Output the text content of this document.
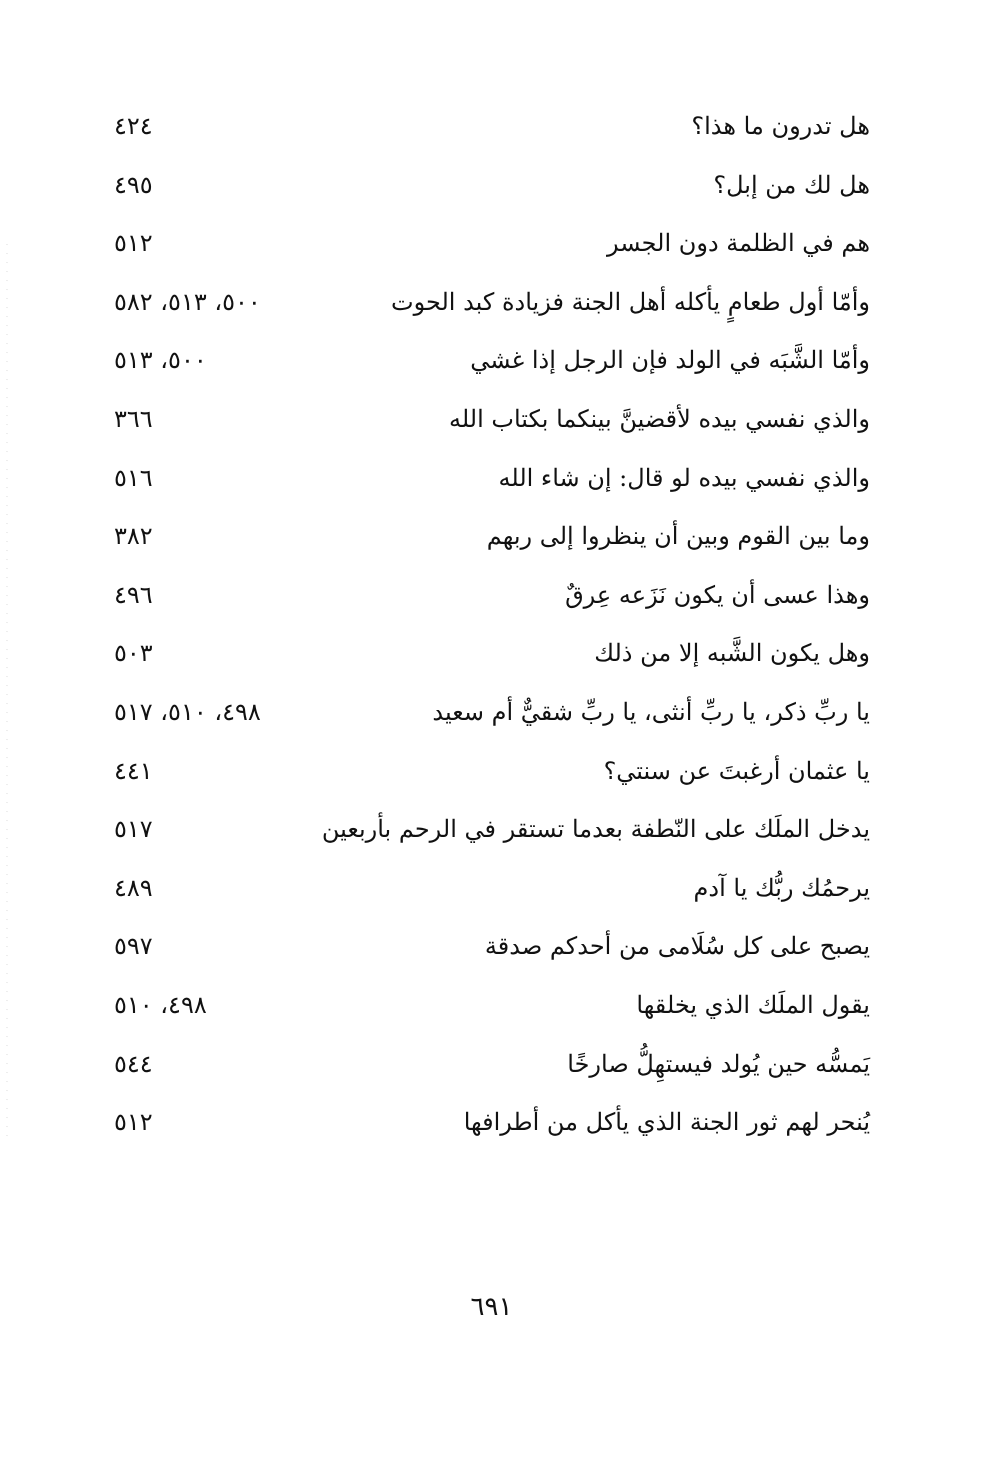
هل تدرون ما هذا؟
٤٢٤
هل لك من إبل؟
٤٩٥
هم في الظلمة دون الجسر
٥١٢
وأمّا أول طعامٍ يأكله أهل الجنة فزيادة كبد الحوت
٥٠٠، ٥١٣، ٥٨٢
وأمّا الشَّبَه في الولد فإن الرجل إذا غشي
٥٠٠، ٥١٣
والذي نفسي بيده لأقضينَّ بينكما بكتاب الله
٣٦٦
والذي نفسي بيده لو قال: إن شاء الله
٥١٦
وما بين القوم وبين أن ينظروا إلى ربهم
٣٨٢
وهذا عسى أن يكون نَزَعه عِرقٌ
٤٩٦
وهل يكون الشَّبه إلا من ذلك
٥٠٣
يا ربِّ ذكر، يا ربِّ أنثى، يا ربِّ شقيٌّ أم سعيد
٤٩٨، ٥١٠، ٥١٧
يا عثمان أرغبتَ عن سنتي؟
٤٤١
يدخل الملَك على النّطفة بعدما تستقر في الرحم بأربعين
٥١٧
يرحمُك ربُّك يا آدم
٤٨٩
يصبح على كل سُلَامى من أحدكم صدقة
٥٩٧
يقول الملَك الذي يخلقها
٤٩٨، ٥١٠
يَمسُّه حين يُولد فيستهِلُّ صارخًا
٥٤٤
يُنحر لهم ثور الجنة الذي يأكل من أطرافها
٥١٢
٦٩١
